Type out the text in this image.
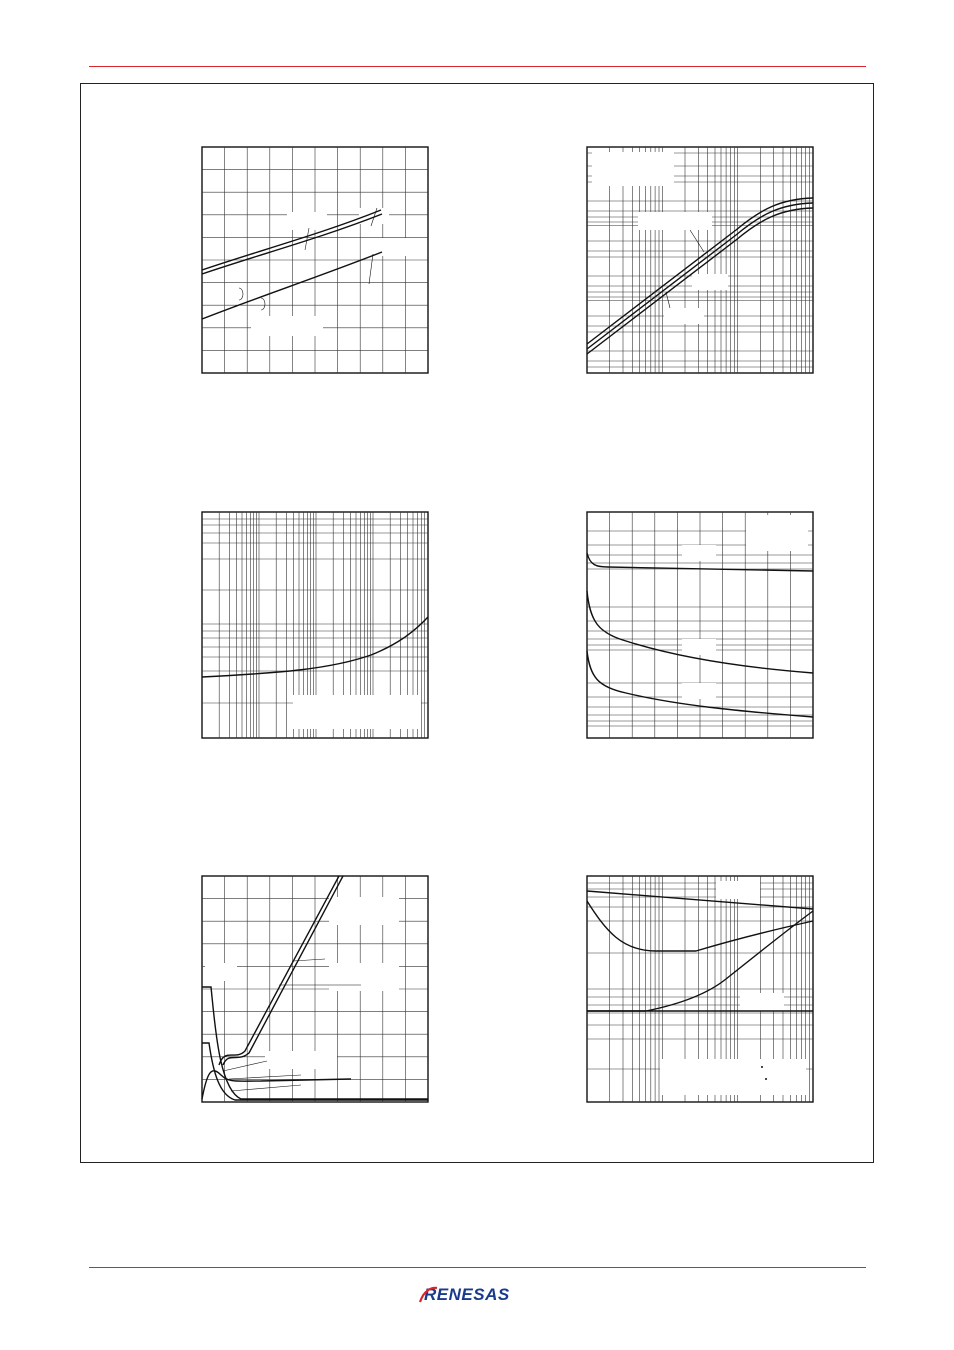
RENESAS
